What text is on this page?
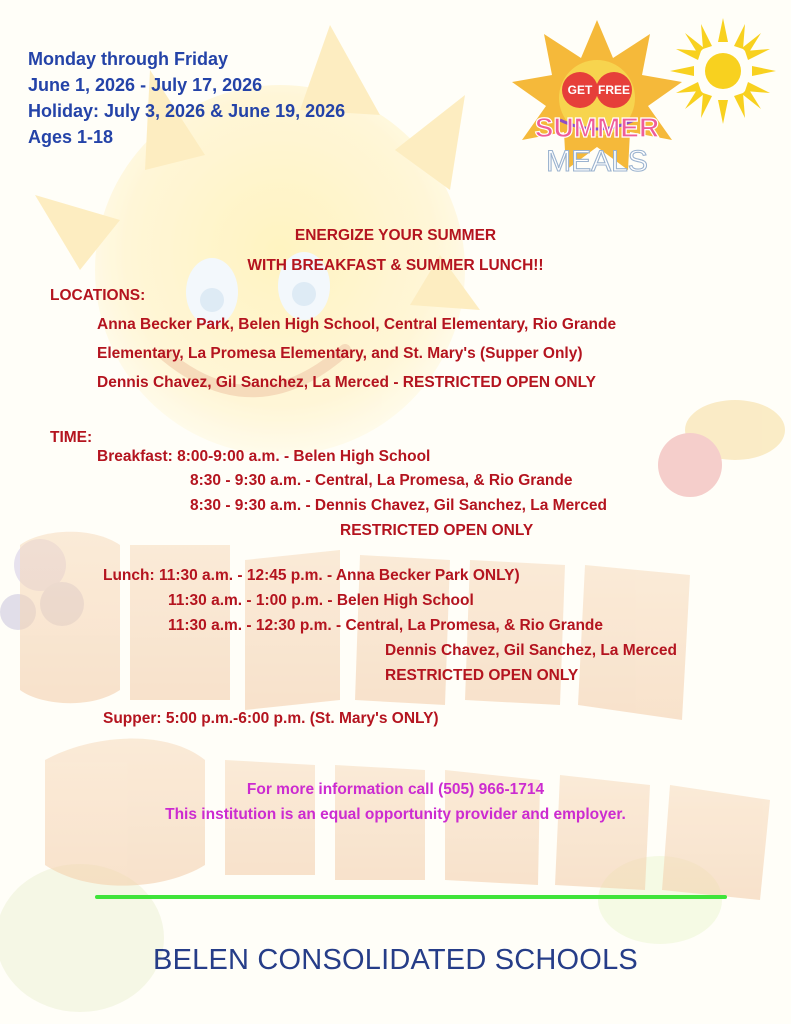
Monday through Friday
June 1, 2026 - July 17, 2026
Holiday: July 3, 2026 & June 19, 2026
Ages 1-18
GET FREE
SUMMER
MEALS
ENERGIZE YOUR SUMMER
WITH BREAKFAST & SUMMER LUNCH!!
LOCATIONS:
Anna Becker Park, Belen High School, Central Elementary, Rio Grande
Elementary, La Promesa Elementary, and St. Mary's (Supper Only)
Dennis Chavez, Gil Sanchez, La Merced - RESTRICTED OPEN ONLY
TIME:
Breakfast: 8:00-9:00 a.m. - Belen High School
8:30 - 9:30 a.m. - Central, La Promesa, & Rio Grande
8:30 - 9:30 a.m. - Dennis Chavez, Gil Sanchez, La Merced
RESTRICTED OPEN ONLY
Lunch: 11:30 a.m. - 12:45 p.m. - Anna Becker Park ONLY)
11:30 a.m. - 1:00 p.m. - Belen High School
11:30 a.m. - 12:30 p.m. - Central, La Promesa, & Rio Grande
Dennis Chavez, Gil Sanchez, La Merced
RESTRICTED OPEN ONLY
Supper: 5:00 p.m.-6:00 p.m. (St. Mary's ONLY)
For more information call (505) 966-1714
This institution is an equal opportunity provider and employer.
BELEN CONSOLIDATED SCHOOLS
